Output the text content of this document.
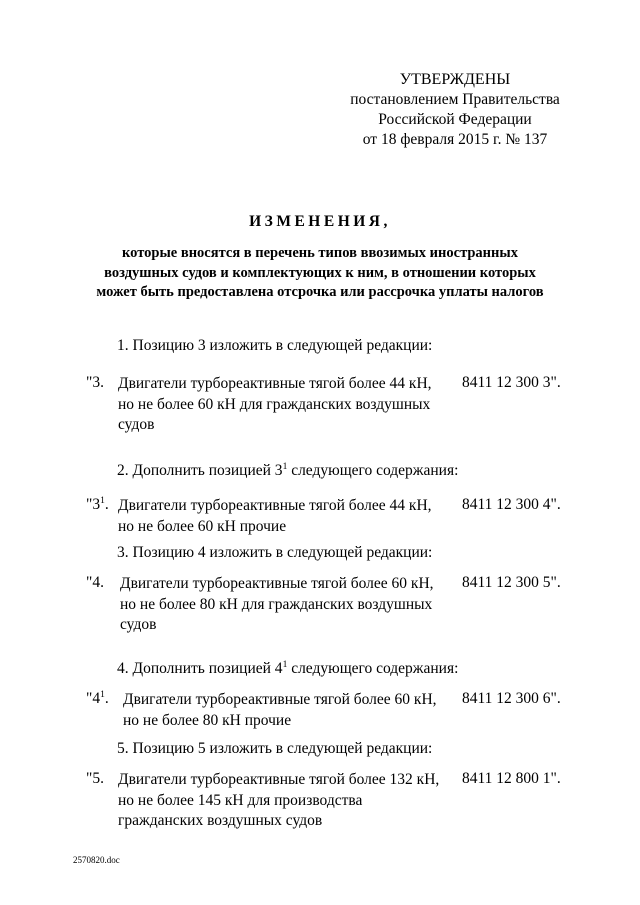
УТВЕРЖДЕНЫ
постановлением Правительства
Российской Федерации
от 18 февраля 2015 г. № 137
ИЗМЕНЕНИЯ,
которые вносятся в перечень типов ввозимых иностранных
воздушных судов и комплектующих к ним, в отношении которых
может быть предоставлена отсрочка или рассрочка уплаты налогов
1. Позицию 3 изложить в следующей редакции:
"3. Двигатели турбореактивные тягой более 44 кН, но не более 60 кН для гражданских воздушных судов
8411 12 300 3".
2. Дополнить позицией $3^1$ следующего содержания:
"$3^1$. Двигатели турбореактивные тягой более 44 кН, но не более 60 кН прочие
8411 12 300 4".
3. Позицию 4 изложить в следующей редакции:
"4. Двигатели турбореактивные тягой более 60 кН, но не более 80 кН для гражданских воздушных судов
8411 12 300 5".
4. Дополнить позицией $4^1$ следующего содержания:
"$4^1$. Двигатели турбореактивные тягой более 60 кН, но не более 80 кН прочие
8411 12 300 6".
5. Позицию 5 изложить в следующей редакции:
"5. Двигатели турбореактивные тягой более 132 кН, но не более 145 кН для производства гражданских воздушных судов
8411 12 800 1".
2570820.doc
